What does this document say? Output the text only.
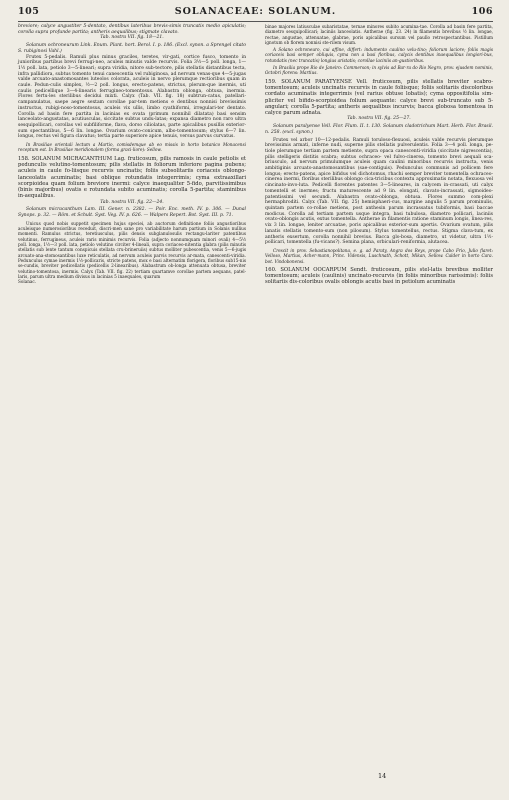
105	SOLANACEAE: SOLANUM.	106

breviore; calyce angustiter 5-dentato, dentibus lateribus brevis-simis truncatis medio apiculatis; corolla supra profunde partita; antheris aequalibus; stigmate clavato.

Tab. nostra VII. fig. 18—21.

Solanum ochroneurum Link. Enum. Plant. hort. Berol. I. p. 186. (Excl. synon. a Sprengel citato S. rubiginosi Vahl.)

Frutex 5-pedalis. Ramuli plus minus graciles, teretes, vir-gati, cortice fusco, tomento in junioribus partibus brevi ferrugi-neo, aculeis minutis valde recurvis. Folia 3½—5 poll. longa, 1—1½ poll. lata, petiolo 3—5-lineari; supra viridia, nitore sub-tectore, pilis stellatis distantibus tecta, infra pallidiora, subtus tomento tenui canescentia vel rubiginosa, ad nervum venas-que 4—5-jugas valde arcuato-anastomosantes luteolos colorata, aculeis in nervo plerumque rectioribus quam in caule. Pedun-culis simplex, ½—2 poll. longus, erecto-patens, strictus, plerum-que inermis, uti caulis pedicellique 3—4-linearis ferrugineo-tomentosus. Alabastra oblonga, obtusa, inermia. Flores fertu-les sterilibus decidui mixti. Calyx (Tab. VII. fig. 18) subtrun-catus, patellari-campanulatus, saepe aegre sextam corollae par-tem metiens e dentibus nonnisi brevissimis instructus, rubigi-noso-tomentosus, aculeis vix ullis, limbo cyathiformi, irregulari-ter dentato. Corolla ad basin fere partita in lacinias ex ovata (primum nonnihil dilatata) basi sensim lanceolato-angustatas, acutiusculas, siccitate subtus undu-latas; expansa diametro non raro ultra sesquipollicari, corollas vel subfiliforme, flava, dorso ciliolatas, parte apicalibus pusillis exterior-sum spectantibus, 5—6 lin. longae. Ovarium ovato-conicum, albo-tomentosum; stylus 6—7 lin. longus, rectus vel figura clavatus; tertia parte superiore apice tenuis, versus parvus curvatus.

In Brasiliae orientali lectum a Martio, comisdemque ab eo missis in horto botanico Monacensi receptum est. In Brasiliae meridionalem (forma graci-liore): Sellow.

158. SOLANUM MICRACANTHUM Lag. fruticosum, pilis ramosis in caule petiolis et pedunculis velutino-tomentosum; pilis stellatis in foliorum inferiore pagina pubens; aculeis in caule fo-liisque recurvis uncinatis; foliis subsolitariis coriaceis oblongo-lanceolatis acuminatis; basi oblique rotundatis integerrimis; cyma extraaxillari scorpioidea quam folium breviore inermi: calyce inaequaliter 5-fido, parvitissimibus (binis majoribus) ovatis e rotundata subito acuminatis; corolla 5-partita; staminibus in-aequalibus.

Tab. nostra VII. fig. 22—24.

Solanum micracanthum Lam. III. Gener. n. 2382. — Poir. Enc. meth. IV. p. 306. — Dunal Synops. p. 32. — Röm. et Schult. Syst. Veg. IV. p. 626. — Walpers Repert. Bot. Syst. III. p. 71.

Unicus quod nobis suppetit specimen hujus speciei, ab auctorum definitione foliis angustioribus aculeisque numerosioribus receduit, discri-men sane pro variabilitate harum partium in Solanis nullius momenti. Ramulus strictus, teretiusculus, pilis densis subglanulosulis rectangu-lariter patentibus velutinus, ferrugineus, aculeis raris minimis recurvis. Folia (adjecto nonnumquam minori ovali) 4—5½ poll. longa, 1½—3 poll. lata, petiolo velutino circiter 4-lineali, supra coriaceo-nitentia glabra (pilis minutis stellatis sub lente tantum conspicuis stellata cru-brineruiis) subtus molliter pubescentia, venis 5—6-jugis arcuato-ana-stomosantibus luxe reticulatis, ad nervum aculeis parvis recurvis ar-mata, canescenti-viridia. Pedunculus cymae inermis 1½-pollicaris, stricte patens, mox e basi alternatim florigera, floribus sub15-nis se-cundis, breviter pedicellatis (pedicellis 2-linearibus). Alabastrum ob-longa attenuata obtusa, breviter velutino-tomentosa, inermis. Calyx (Tab. VII. fig. 22) tertiam quartamve corollae partem aequans, patel-laris, parum ultra medium divisus in lacinias 5 inaequales, quarum

Solanac.

binae majores latiusculae subaristatae, ternae minores subito acumina-tae. Corolla ad basin fere partita, diametro sesquipollicari; laciniis lanceolatis. Antherae (fig. 23. 24) in filamentis brevibus ½ lin. longae, rectae, angustae, attenuatae, glabrae, poris apicalibus sursum vel paullo retrospectantibus. Pistillum ignotum ob florem nonnisi ste-rilem visum.

A Solano ochroneuro, cui affine, differt: indumento caulino velu-tino; foliorum laciore; foliis magis coriaceis basi semper obliquis, cyma non a basi floribus, calycis dentibus inaequalibus longiori-bus, rotundatis (nec truncatis) longius aristatis; corollae laciniis an-gustioribus.

In Brasilia prope Rio de Janeiro: Commerson; in sylvis ad Bar-ra do Rio Negro, prov. ejusdem nominis, Octobri florens: Martius.

159. SOLANUM PARATYENSE Vell. fruticosum, pilis stellatis breviter scabro-tomentosum; aculeis uncinatis recurvis in caule foliisque; foliis solitariis discoloribus cordato acuminatis integerrimis (vel rarius obtuse lobatis); cyma oppositifolia sim-pliciter vel bifido-scorpioidea folium aequante: calyce brevi sub-truncato sub 5-angulari; corolla 5-partita; antheris aequalibus incurvis; bacca globosa tomentosa in calyce parum adnata.

Tab. nostra VII. fig. 25—27.

Solanum paralyense Vell. Flor. Flum. II. t. 130. Solanum cladotrichum Mart. Herb. Flor. Brasil. n. 258. (excl. synon.)

Frutex vel arbor 10—12-pedalis. Ramuli toruloso-flexuosi, aculeis valde recurvis plerumque brevissimis armati, inferne nudi, superne pilis stellatis pulverulentis. Folia 3—4 poll. longa, pe-tiole plerumque tertiam partem metiente, supra opaca canescenti-viridia (siccitate nigrescentia), pilis stelligeris distitis scabra; subtus ochraceo- vel fulvo-cinerea, tomento brevi aequali sca-briusculo, ad nervum primulumque aculeis quam caulini minoribus recurvis instructa, venis ambitiginis arcuato-anastomosantibus (sae-contiguis). Pedunculus communis ad pollicem fere longus; erecto-patens, apice bifidus vel dichotomus, rhachi semper breviter tomentella ochraceo-cinerea inermi, floribus sterilibus oblongo cica-tricibus contextu approximatis notata, flexuosa vel cincinato-invo-luta. Pedicelli florentes patentes 3—5-lineares, in calycem in-crassati, uti calyx tomentelli et inermes; fructu maturescente ad 9 lin. elongati, clavato-incrassati, sigmoideo-patentissimi vel secundi. Alabastra ovato-oblonga, obtusa. Flores summo com-plexi hermaphroditi. Calyx (Tab. VII. fig. 25) hemisphaeri-cus, margine angulis 5 parum prominulis, quintam partem co-rollae metiens, post anthesin parum incrassatus tubiformis, basi baccae modicus. Corolla ad tertiam partem usque integra, basi tubulosa, diametro pollicari, laciniis ovato-oblongis acutis, extus tomentella. Antherae in filamentis ratione staminum longis, linea-res, vix 3 lin. longae, leniter arcuatae, poris apicalibus exterior-sum apertis. Ovarium ovatum, pilis lanatis stellatis tomento-sum (non pilosum). Stylus tomentellus, rectus. Stigma clava-tum, ex antheris exsertum, corolla nonnihil brevius. Bacca glo-bosa, diametro, ut videtur, ultra 1½-pollicari, tomentella (fu-vicans?). Semina plana, orbiculari-reniformia, alutacea.

Crescit in prov. Sebastianopolitana, e. g. ad Paraty, Angra dos Reys, prope Cabo Frio, Julio flaret: Velloso, Martius, Acher-mann, Princ. Vidensis, Luschnath, Schott, Mikan, Sellow. Calder in horto Cara. bot. Vindobonensi.

160. SOLANUM OOCARPUM Sendt. fruticosum, pilis stel-latis brevibus molliter tomentosum; aculeis (caulinis) uncinato-recurvis (in foliis minoribus rarissimis): foliis solitariis dis-coloribus ovalis oblongis acutis basi in petiolum acuminatis

14
